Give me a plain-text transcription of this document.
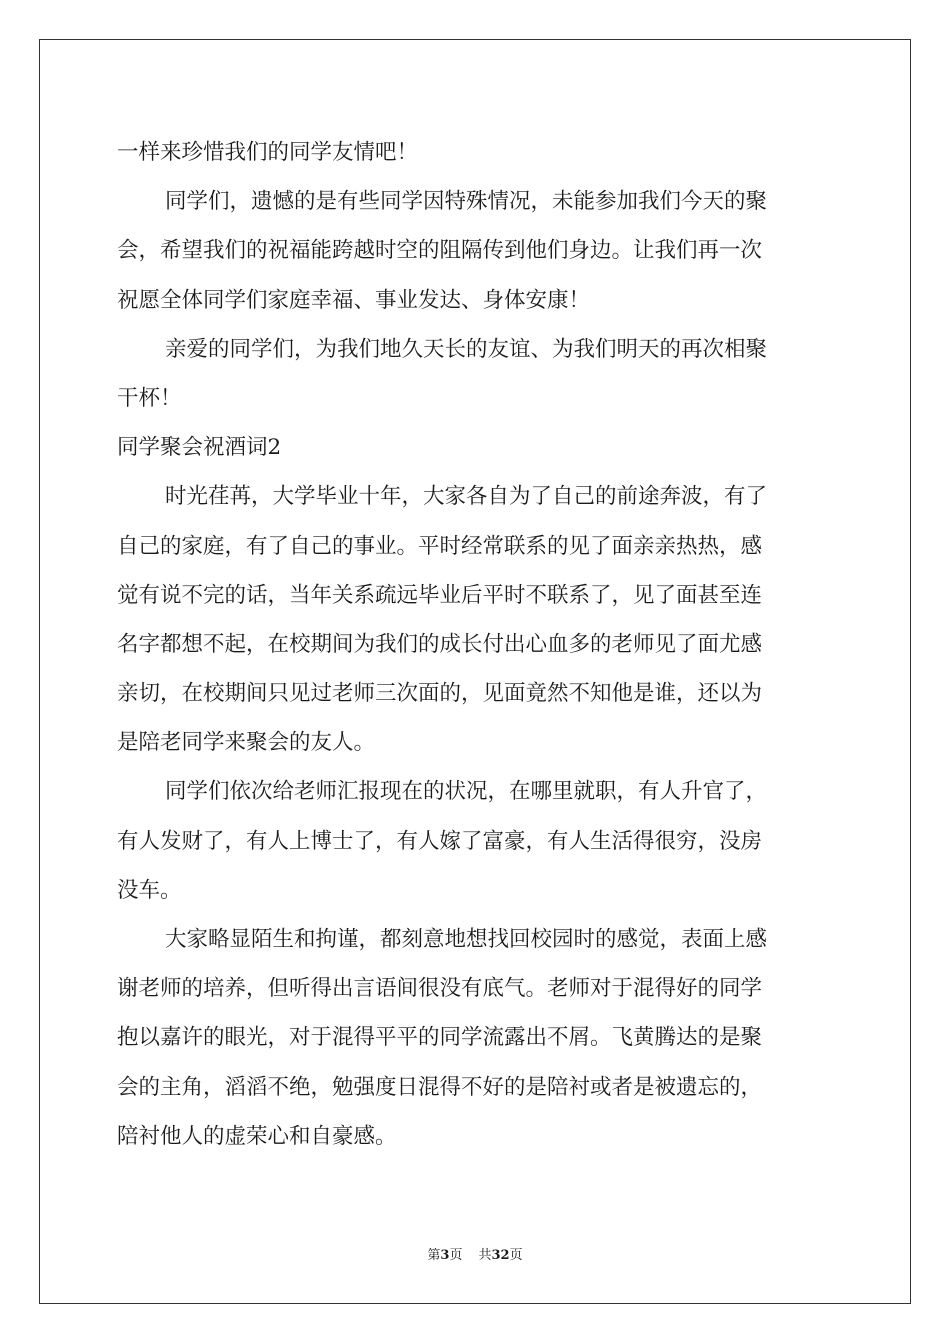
一样来珍惜我们的同学友情吧！
同学们，遗憾的是有些同学因特殊情况，未能参加我们今天的聚
会，希望我们的祝福能跨越时空的阻隔传到他们身边。让我们再一次
祝愿全体同学们家庭幸福、事业发达、身体安康！
亲爱的同学们，为我们地久天长的友谊、为我们明天的再次相聚
干杯！
同学聚会祝酒词2
时光荏苒，大学毕业十年，大家各自为了自己的前途奔波，有了
自己的家庭，有了自己的事业。平时经常联系的见了面亲亲热热，感
觉有说不完的话，当年关系疏远毕业后平时不联系了，见了面甚至连
名字都想不起，在校期间为我们的成长付出心血多的老师见了面尤感
亲切，在校期间只见过老师三次面的，见面竟然不知他是谁，还以为
是陪老同学来聚会的友人。
同学们依次给老师汇报现在的状况，在哪里就职，有人升官了，
有人发财了，有人上博士了，有人嫁了富豪，有人生活得很穷，没房
没车。
大家略显陌生和拘谨，都刻意地想找回校园时的感觉，表面上感
谢老师的培养，但听得出言语间很没有底气。老师对于混得好的同学
抱以嘉许的眼光，对于混得平平的同学流露出不屑。飞黄腾达的是聚
会的主角，滔滔不绝，勉强度日混得不好的是陪衬或者是被遗忘的，
陪衬他人的虚荣心和自豪感。
第3页 共32页
